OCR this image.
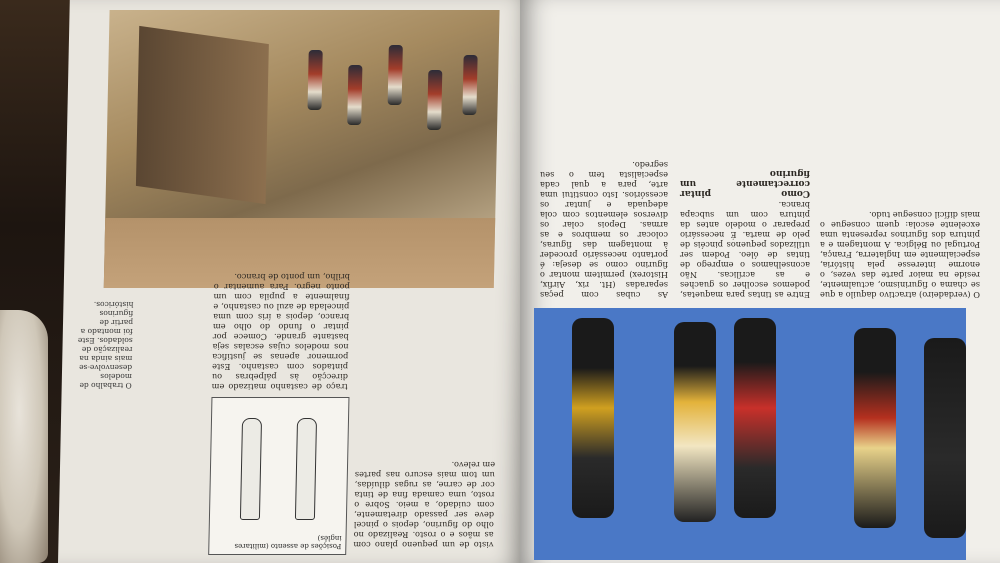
traço de castanho matizado em direcção às pálpebras ou pintados com castanho. Este pormenor apenas se justifica nos modelos cujas escalas seja bastante grande. Comece por pintar o fundo do olho em branco, depois a íris com uma pincelada de azul ou castanho, e finalmente a pupila com um ponto negro. Para aumentar o brilho, um ponto de branco.

visto de um pequeno plano com as mãos e o rosto. Realizado no olho do figurino, depois o pincel deve ser passado diretamente, com cuidado, a meio. Sobre o rosto, uma camada fina de tinta cor de carne, as rugas diluídas, um tom mais escuro nas partes em relevo.

Posições de assento (militares inglês)
O trabalho de modelos desenvolve-se mais ainda na realização de soldados. Este foi montado a partir de figurinos históricos.

As cubas com peças separadas (Ht. rix, Airfix, Historex) permitem montar o figurino como se deseja: é portanto necessário proceder à montagem das figuras, colocar os membros e as armas. Depois colar os diversos elementos com cola adequada e juntar os acessórios. Isto constitui uma arte, para a qual cada especialista tem o seu segredo.

Entre as tintas para maquetas, podemos escolher os guaches e as acrílicas. Não aconselhamos o emprego de tintas de óleo. Podem ser utilizados pequenos pincéis de pelo de marta. É necessário preparar o modelo antes da pintura com um subcapa branca.

Como pintar correctamente um figurino

O (verdadeiro) atractivo daquilo a que se chama o figurinismo, actualmente, reside na maior parte das vezes, o enorme interesse pela história, especialmente em Inglaterra, França, Portugal ou Bélgica. A montagem e a pintura dos figurinos representa uma excelente escola: quem consegue o mais difícil consegue tudo.
